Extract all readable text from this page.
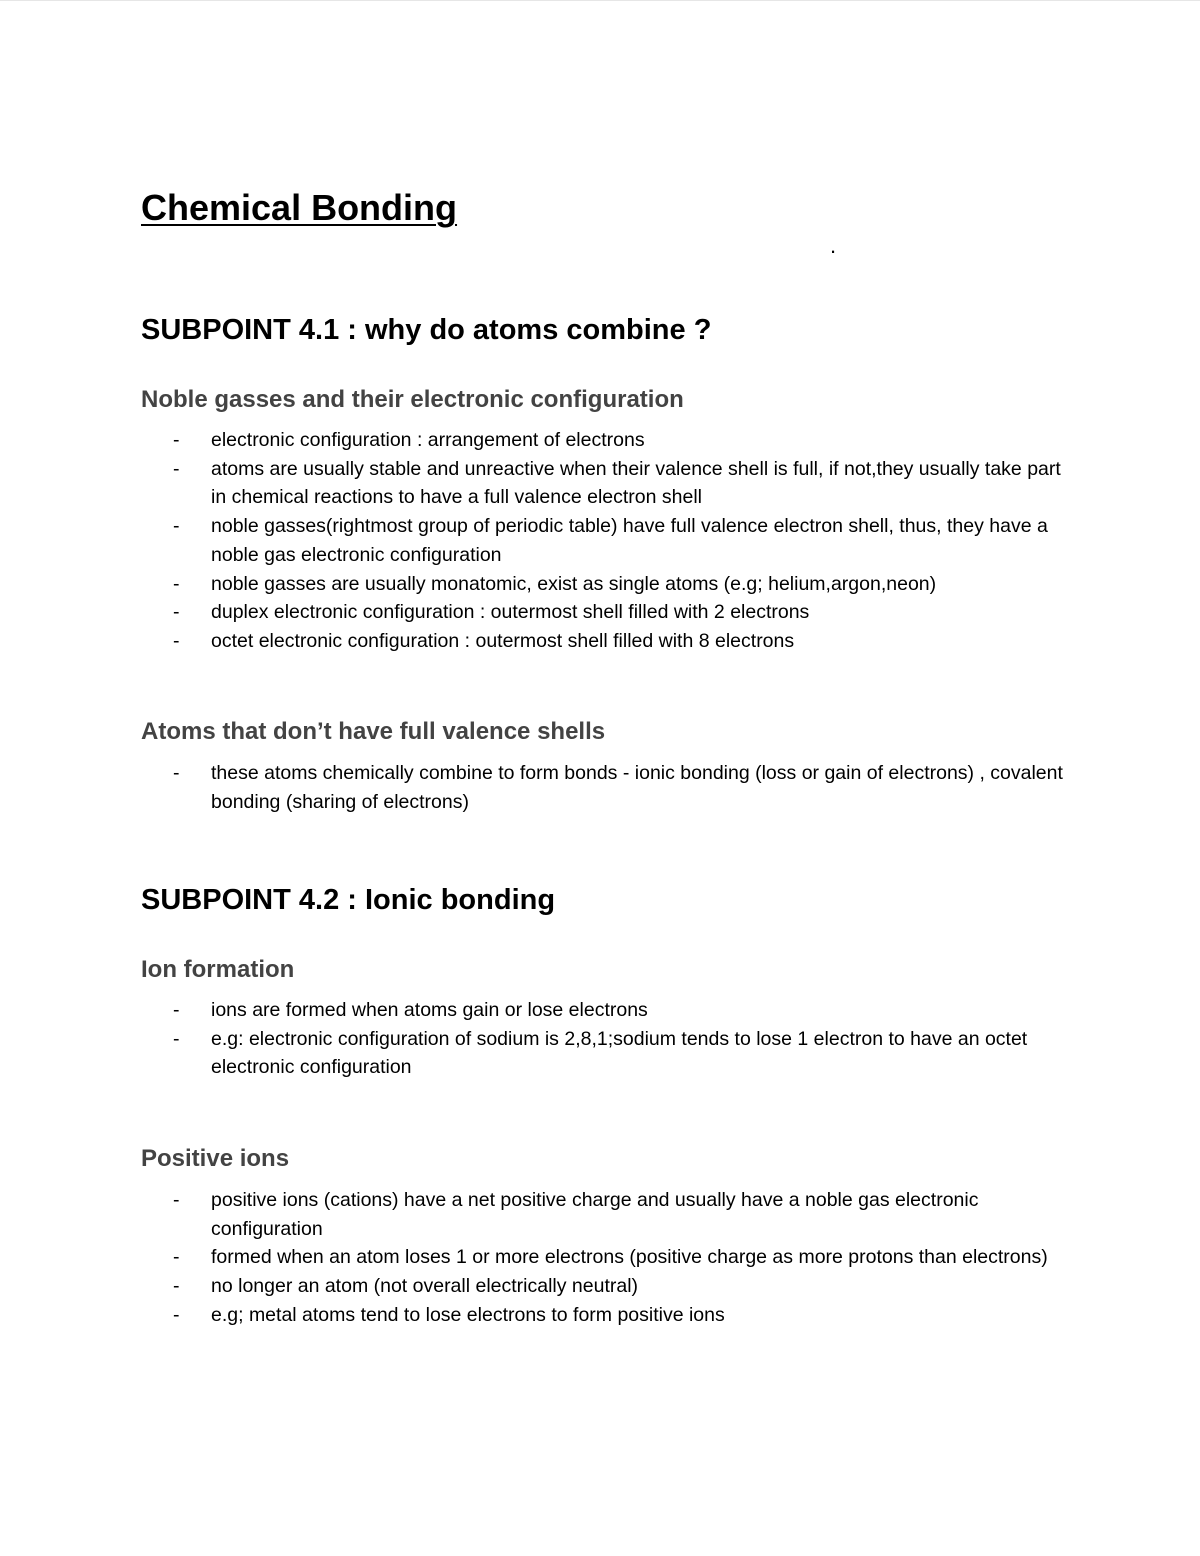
Chemical Bonding
.
SUBPOINT 4.1 : why do atoms combine ?
Noble gasses and their electronic configuration
-	electronic configuration : arrangement of electrons
-	atoms are usually stable and unreactive when their valence shell is full, if not,they usually take part in chemical reactions to have a full valence electron shell
-	noble gasses(rightmost group of periodic table) have full valence electron shell, thus, they have a noble gas electronic configuration
-	noble gasses are usually monatomic, exist as single atoms (e.g; helium,argon,neon)
-	duplex electronic configuration : outermost shell filled with 2 electrons
-	octet electronic configuration : outermost shell filled with 8 electrons
Atoms that don’t have full valence shells
-	these atoms chemically combine to form bonds - ionic bonding (loss or gain of electrons) , covalent bonding (sharing of electrons)
SUBPOINT 4.2 : Ionic bonding
Ion formation
-	ions are formed when atoms gain or lose electrons
-	e.g: electronic configuration of sodium is 2,8,1;sodium tends to lose 1 electron to have an octet electronic configuration
Positive ions
-	positive ions (cations) have a net positive charge and usually have a noble gas electronic configuration
-	formed when an atom loses 1 or more electrons (positive charge as more protons than electrons)
-	no longer an atom (not overall electrically neutral)
-	e.g; metal atoms tend to lose electrons to form positive ions
